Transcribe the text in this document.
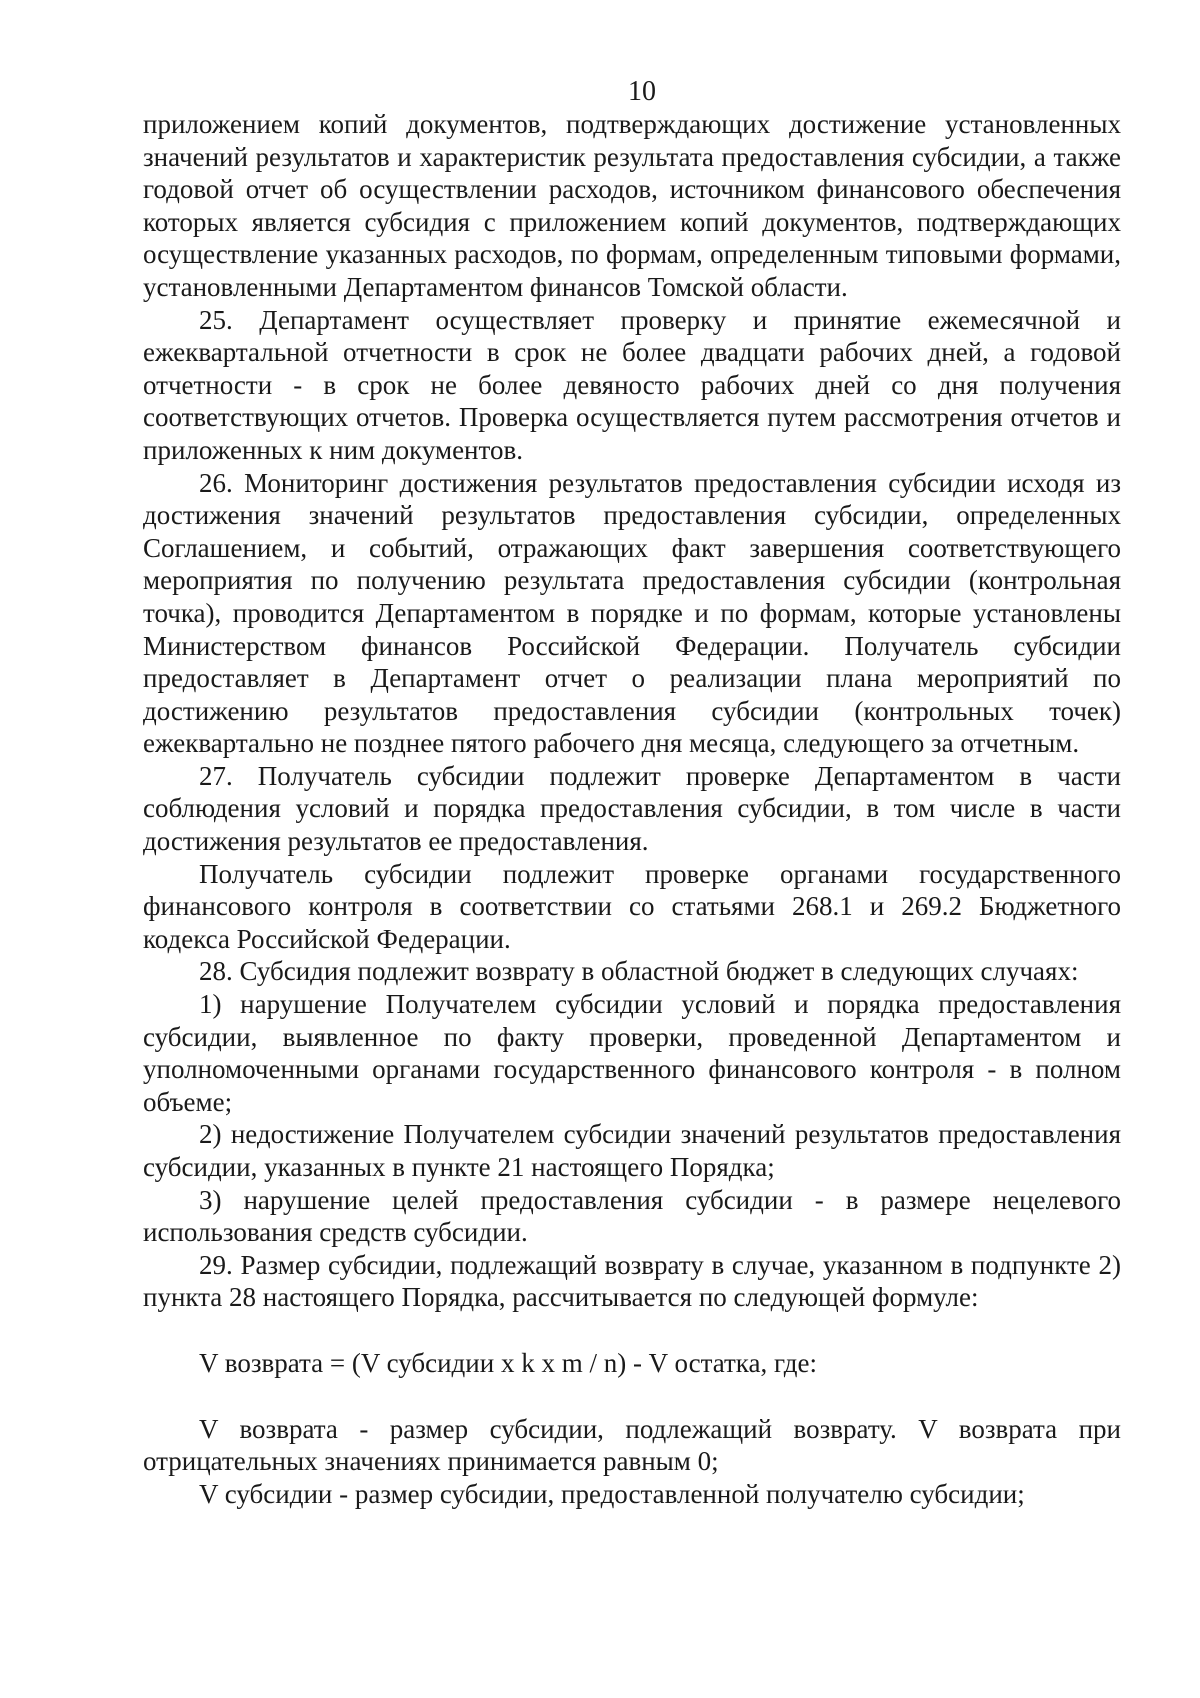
10

приложением копий документов, подтверждающих достижение установленных значений результатов и характеристик результата предоставления субсидии, а также годовой отчет об осуществлении расходов, источником финансового обеспечения которых является субсидия с приложением копий документов, подтверждающих осуществление указанных расходов, по формам, определенным типовыми формами, установленными Департаментом финансов Томской области.

25. Департамент осуществляет проверку и принятие ежемесячной и ежеквартальной отчетности в срок не более двадцати рабочих дней, а годовой отчетности - в срок не более девяносто рабочих дней со дня получения соответствующих отчетов. Проверка осуществляется путем рассмотрения отчетов и приложенных к ним документов.

26. Мониторинг достижения результатов предоставления субсидии исходя из достижения значений результатов предоставления субсидии, определенных Соглашением, и событий, отражающих факт завершения соответствующего мероприятия по получению результата предоставления субсидии (контрольная точка), проводится Департаментом в порядке и по формам, которые установлены Министерством финансов Российской Федерации. Получатель субсидии предоставляет в Департамент отчет о реализации плана мероприятий по достижению результатов предоставления субсидии (контрольных точек) ежеквартально не позднее пятого рабочего дня месяца, следующего за отчетным.

27. Получатель субсидии подлежит проверке Департаментом в части соблюдения условий и порядка предоставления субсидии, в том числе в части достижения результатов ее предоставления.

Получатель субсидии подлежит проверке органами государственного финансового контроля в соответствии со статьями 268.1 и 269.2 Бюджетного кодекса Российской Федерации.

28. Субсидия подлежит возврату в областной бюджет в следующих случаях:

1) нарушение Получателем субсидии условий и порядка предоставления субсидии, выявленное по факту проверки, проведенной Департаментом и уполномоченными органами государственного финансового контроля - в полном объеме;

2) недостижение Получателем субсидии значений результатов предоставления субсидии, указанных в пункте 21 настоящего Порядка;

3) нарушение целей предоставления субсидии - в размере нецелевого использования средств субсидии.

29. Размер субсидии, подлежащий возврату в случае, указанном в подпункте 2) пункта 28 настоящего Порядка, рассчитывается по следующей формуле:

V возврата = (V субсидии x k x m / n) - V остатка, где:

V возврата - размер субсидии, подлежащий возврату. V возврата при отрицательных значениях принимается равным 0;

V субсидии - размер субсидии, предоставленной получателю субсидии;
